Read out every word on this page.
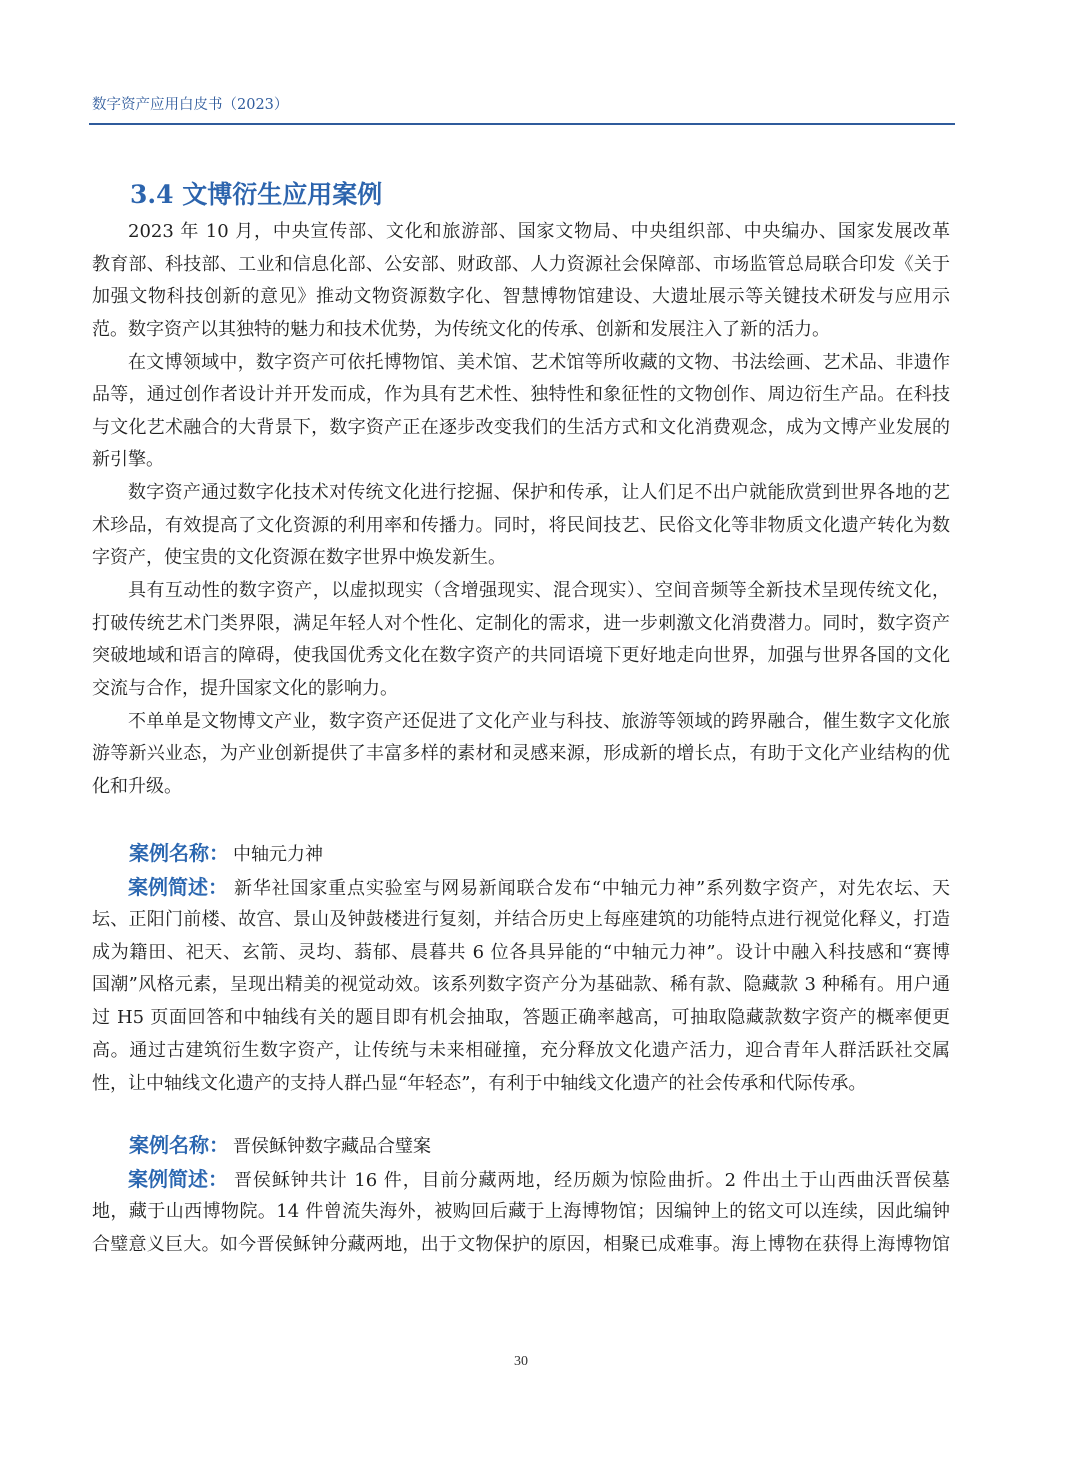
数字资产应用白皮书（2023）
3.4 文博衍生应用案例
2023 年 10 月，中央宣传部、文化和旅游部、国家文物局、中央组织部、中央编办、国家发展改革
教育部、科技部、工业和信息化部、公安部、财政部、人力资源社会保障部、市场监管总局联合印发《关于
加强文物科技创新的意见》推动文物资源数字化、智慧博物馆建设、大遗址展示等关键技术研发与应用示
范。数字资产以其独特的魅力和技术优势，为传统文化的传承、创新和发展注入了新的活力。
在文博领域中，数字资产可依托博物馆、美术馆、艺术馆等所收藏的文物、书法绘画、艺术品、非遗作
品等，通过创作者设计并开发而成，作为具有艺术性、独特性和象征性的文物创作、周边衍生产品。在科技
与文化艺术融合的大背景下，数字资产正在逐步改变我们的生活方式和文化消费观念，成为文博产业发展的
新引擎。
数字资产通过数字化技术对传统文化进行挖掘、保护和传承，让人们足不出户就能欣赏到世界各地的艺
术珍品，有效提高了文化资源的利用率和传播力。同时，将民间技艺、民俗文化等非物质文化遗产转化为数
字资产，使宝贵的文化资源在数字世界中焕发新生。
具有互动性的数字资产，以虚拟现实（含增强现实、混合现实）、空间音频等全新技术呈现传统文化，
打破传统艺术门类界限，满足年轻人对个性化、定制化的需求，进一步刺激文化消费潜力。同时，数字资产
突破地域和语言的障碍，使我国优秀文化在数字资产的共同语境下更好地走向世界，加强与世界各国的文化
交流与合作，提升国家文化的影响力。
不单单是文物博文产业，数字资产还促进了文化产业与科技、旅游等领域的跨界融合，催生数字文化旅
游等新兴业态，为产业创新提供了丰富多样的素材和灵感来源，形成新的增长点，有助于文化产业结构的优
化和升级。
案例名称： 中轴元力神
案例简述： 新华社国家重点实验室与网易新闻联合发布“中轴元力神”系列数字资产，对先农坛、天
坛、正阳门前楼、故宫、景山及钟鼓楼进行复刻，并结合历史上每座建筑的功能特点进行视觉化释义，打造
成为籍田、祀天、玄箭、灵均、蓊郁、晨暮共 6 位各具异能的“中轴元力神”。设计中融入科技感和“赛博
国潮”风格元素，呈现出精美的视觉动效。该系列数字资产分为基础款、稀有款、隐藏款 3 种稀有。用户通
过 H5 页面回答和中轴线有关的题目即有机会抽取，答题正确率越高，可抽取隐藏款数字资产的概率便更
高。通过古建筑衍生数字资产，让传统与未来相碰撞，充分释放文化遗产活力，迎合青年人群活跃社交属
性，让中轴线文化遗产的支持人群凸显“年轻态”，有利于中轴线文化遗产的社会传承和代际传承。
案例名称： 晋侯稣钟数字藏品合璧案
案例简述： 晋侯稣钟共计 16 件，目前分藏两地，经历颇为惊险曲折。2 件出土于山西曲沃晋侯墓
地，藏于山西博物院。14 件曾流失海外，被购回后藏于上海博物馆；因编钟上的铭文可以连续，因此编钟
合璧意义巨大。如今晋侯稣钟分藏两地，出于文物保护的原因，相聚已成难事。海上博物在获得上海博物馆
30
